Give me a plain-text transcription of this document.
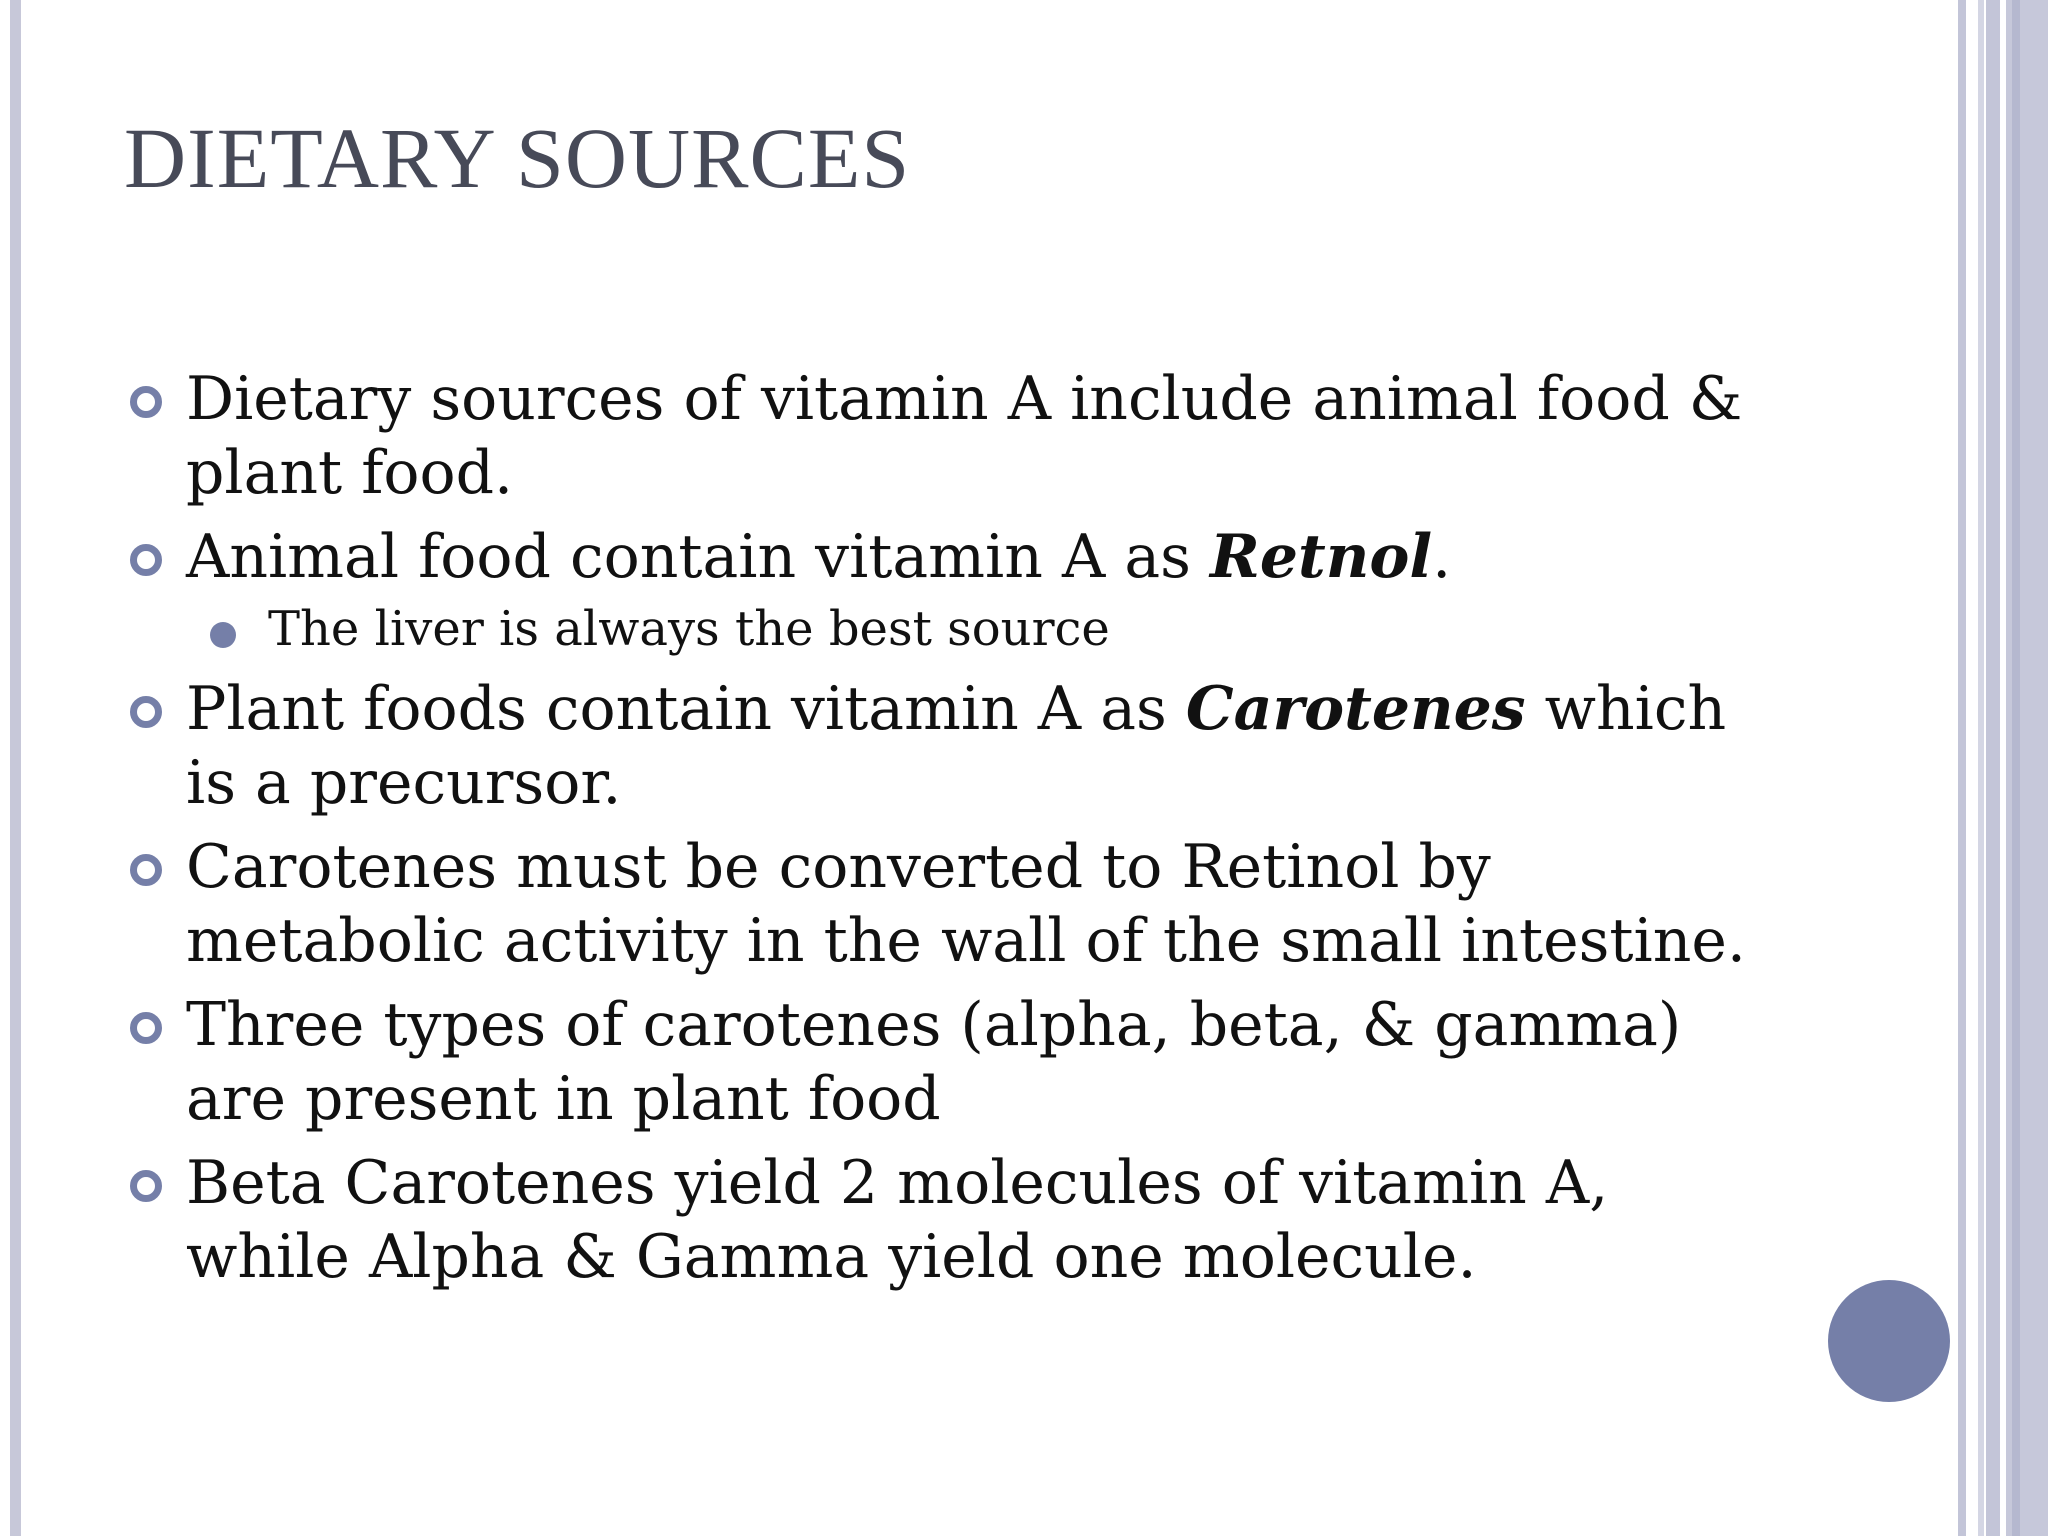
DIETARY SOURCES
Dietary sources of vitamin A include animal food & plant food.
Animal food contain vitamin A as Retnol.
The liver is always the best source
Plant foods contain vitamin A as Carotenes which is a precursor.
Carotenes must be converted to Retinol by metabolic activity in the wall of the small intestine.
Three types of carotenes (alpha, beta, & gamma) are present in plant food
Beta Carotenes yield 2 molecules of vitamin A, while Alpha & Gamma yield one molecule.
